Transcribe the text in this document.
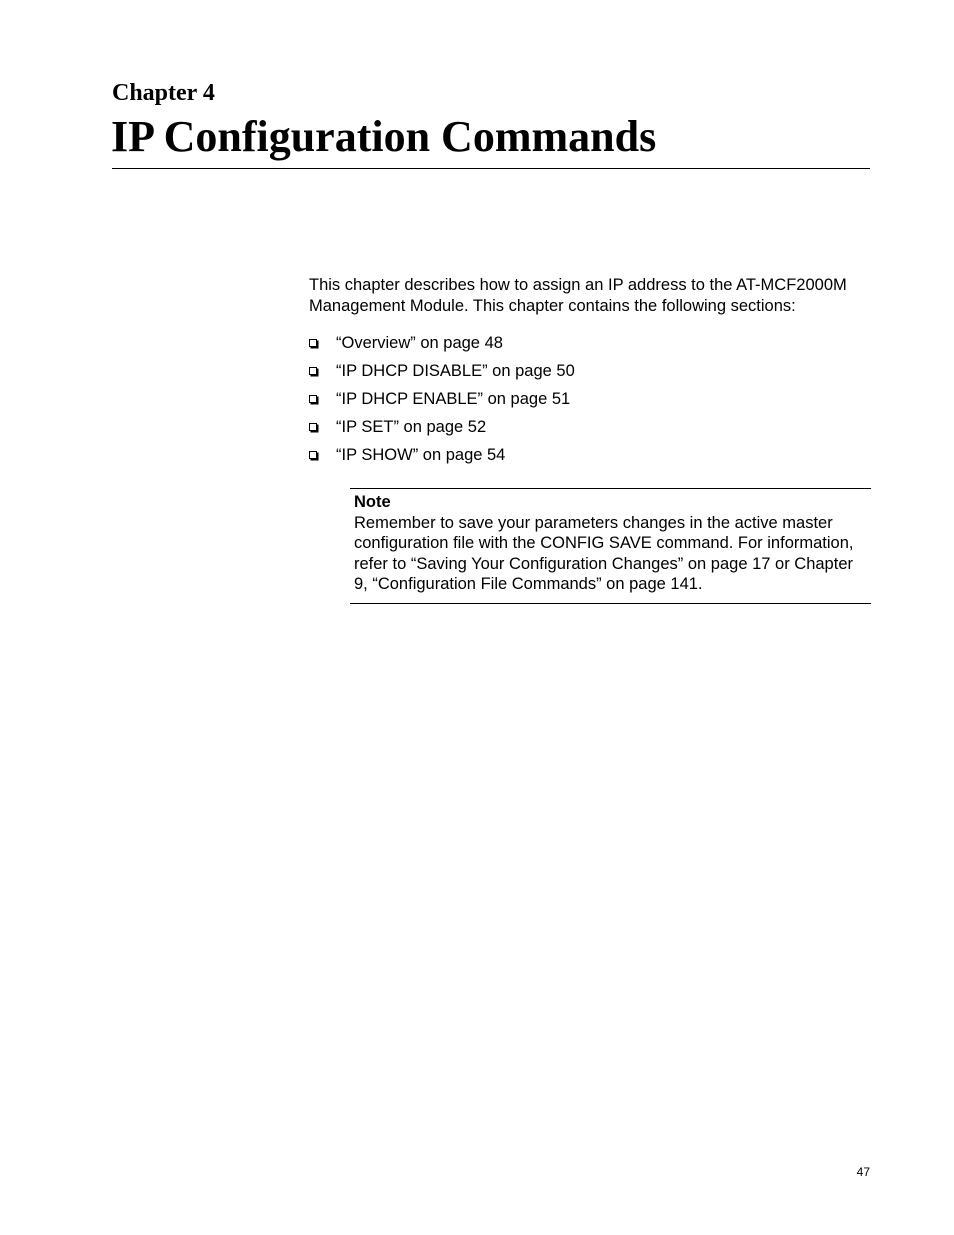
Chapter 4
IP Configuration Commands

This chapter describes how to assign an IP address to the AT-MCF2000M Management Module. This chapter contains the following sections:

“Overview” on page 48
“IP DHCP DISABLE” on page 50
“IP DHCP ENABLE” on page 51
“IP SET” on page 52
“IP SHOW” on page 54
Note
Remember to save your parameters changes in the active master configuration file with the CONFIG SAVE command. For information, refer to “Saving Your Configuration Changes” on page 17 or Chapter 9, “Configuration File Commands” on page 141.
47
